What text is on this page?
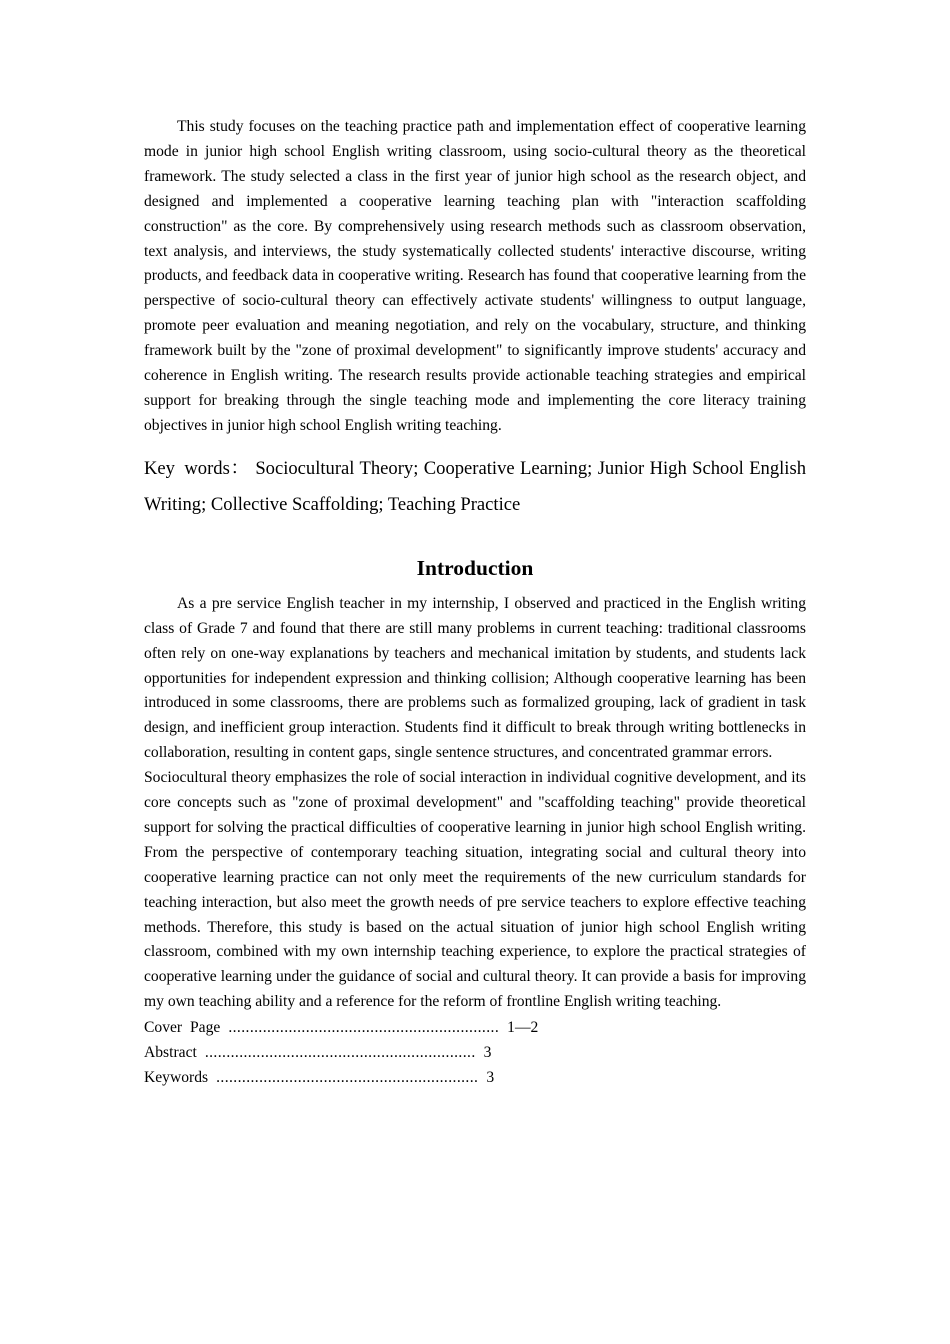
This study focuses on the teaching practice path and implementation effect of cooperative learning mode in junior high school English writing classroom, using socio-cultural theory as the theoretical framework. The study selected a class in the first year of junior high school as the research object, and designed and implemented a cooperative learning teaching plan with "interaction scaffolding construction" as the core. By comprehensively using research methods such as classroom observation, text analysis, and interviews, the study systematically collected students' interactive discourse, writing products, and feedback data in cooperative writing. Research has found that cooperative learning from the perspective of socio-cultural theory can effectively activate students' willingness to output language, promote peer evaluation and meaning negotiation, and rely on the vocabulary, structure, and thinking framework built by the "zone of proximal development" to significantly improve students' accuracy and coherence in English writing. The research results provide actionable teaching strategies and empirical support for breaking through the single teaching mode and implementing the core literacy training objectives in junior high school English writing teaching.

Key words： Sociocultural Theory; Cooperative Learning; Junior High School English Writing; Collective Scaffolding; Teaching Practice

Introduction

As a pre service English teacher in my internship, I observed and practiced in the English writing class of Grade 7 and found that there are still many problems in current teaching: traditional classrooms often rely on one-way explanations by teachers and mechanical imitation by students, and students lack opportunities for independent expression and thinking collision; Although cooperative learning has been introduced in some classrooms, there are problems such as formalized grouping, lack of gradient in task design, and inefficient group interaction. Students find it difficult to break through writing bottlenecks in collaboration, resulting in content gaps, single sentence structures, and concentrated grammar errors.

Sociocultural theory emphasizes the role of social interaction in individual cognitive development, and its core concepts such as "zone of proximal development" and "scaffolding teaching" provide theoretical support for solving the practical difficulties of cooperative learning in junior high school English writing. From the perspective of contemporary teaching situation, integrating social and cultural theory into cooperative learning practice can not only meet the requirements of the new curriculum standards for teaching interaction, but also meet the growth needs of pre service teachers to explore effective teaching methods. Therefore, this study is based on the actual situation of junior high school English writing classroom, combined with my own internship teaching experience, to explore the practical strategies of cooperative learning under the guidance of social and cultural theory. It can provide a basis for improving my own teaching ability and a reference for the reform of frontline English writing teaching.

Cover Page ............................................................... 1—2
Abstract ............................................................... 3
Keywords ............................................................. 3
